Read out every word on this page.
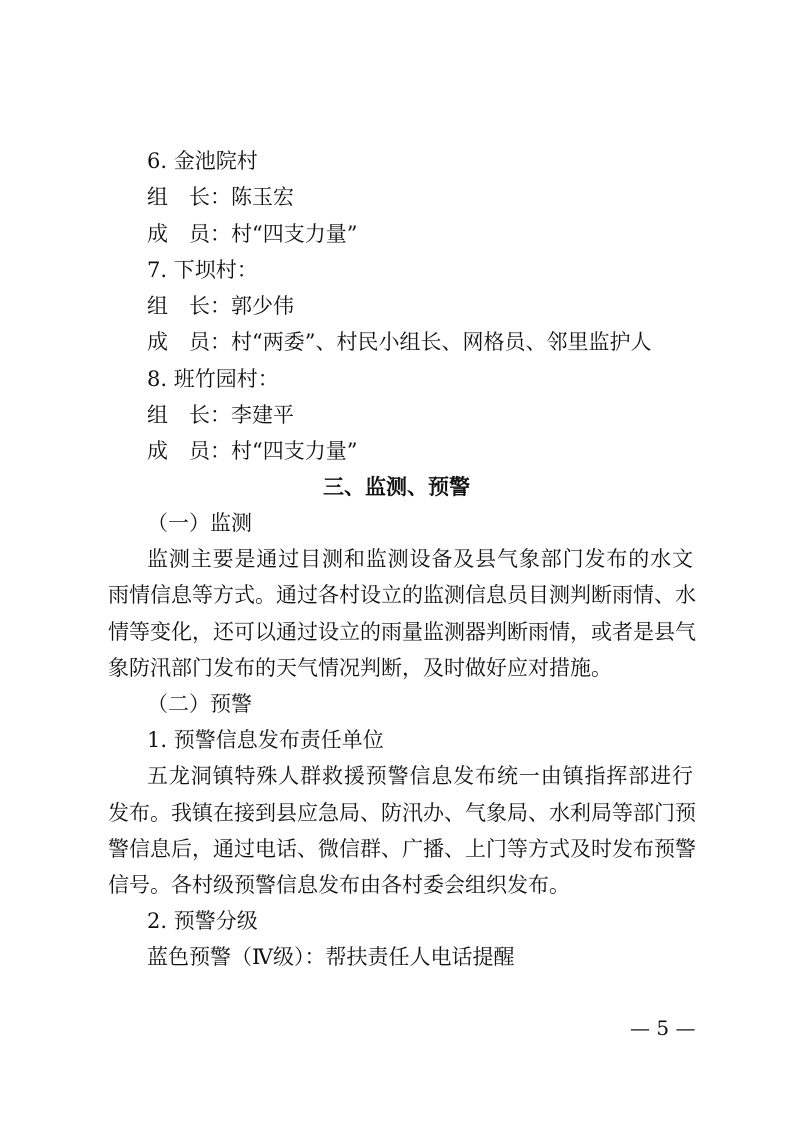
6. 金池院村
组　长：陈玉宏
成　员：村“四支力量”
7. 下坝村：
组　长：郭少伟
成　员：村“两委”、村民小组长、网格员、邻里监护人
8. 班竹园村：
组　长：李建平
成　员：村“四支力量”
三、监测、预警
（一）监测
监测主要是通过目测和监测设备及县气象部门发布的水文
雨情信息等方式。通过各村设立的监测信息员目测判断雨情、水
情等变化，还可以通过设立的雨量监测器判断雨情，或者是县气
象防汛部门发布的天气情况判断，及时做好应对措施。
（二）预警
1. 预警信息发布责任单位
五龙洞镇特殊人群救援预警信息发布统一由镇指挥部进行
发布。我镇在接到县应急局、防汛办、气象局、水利局等部门预
警信息后，通过电话、微信群、广播、上门等方式及时发布预警
信号。各村级预警信息发布由各村委会组织发布。
2. 预警分级
蓝色预警（Ⅳ级）：帮扶责任人电话提醒
— 5 —
